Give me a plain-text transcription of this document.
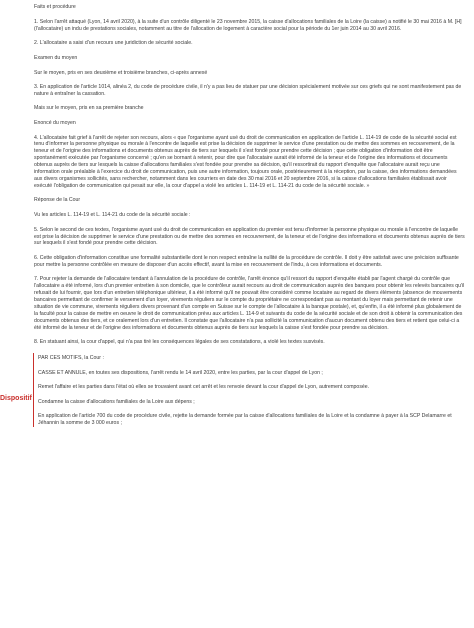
Faits et procédure

1. Selon l'arrêt attaqué (Lyon, 14 avril 2020), à la suite d'un contrôle diligenté le 23 novembre 2015, la caisse d'allocations familiales de la Loire (la caisse) a notifié le 30 mai 2016 à M. [H] (l'allocataire) un indu de prestations sociales, notamment au titre de l'allocation de logement à caractère social pour la période du 1er juin 2014 au 30 avril 2016.

2. L'allocataire a saisi d'un recours une juridiction de sécurité sociale.

Examen du moyen

Sur le moyen, pris en ses deuxième et troisième branches, ci-après annexé

3. En application de l'article 1014, alinéa 2, du code de procédure civile, il n'y a pas lieu de statuer par une décision spécialement motivée sur ces griefs qui ne sont manifestement pas de nature à entraîner la cassation.

Mais sur le moyen, pris en sa première branche

Enoncé du moyen

4. L'allocataire fait grief à l'arrêt de rejeter son recours, alors « que l'organisme ayant usé du droit de communication en application de l'article L. 114-19 de code de la sécurité social est tenu d'informer la personne physique ou morale à l'encontre de laquelle est prise la décision de supprimer le service d'une prestation ou de mettre des sommes en recouvrement, de la teneur et de l'origine des informations et documents obtenus auprès de tiers sur lesquels il s'est fondé pour prendre cette décision ; que cette obligation d'information doit être spontanément exécutée par l'organisme concerné ; qu'en se bornant à retenir, pour dire que l'allocataire aurait été informé de la teneur et de l'origine des informations et documents obtenus auprès de tiers sur lesquels la caisse d'allocations familiales s'est fondée pour prendre sa décision, qu'il ressortirait du rapport d'enquête que l'allocataire aurait reçu une information orale préalable à l'exercice du droit de communication, puis une autre information, toujours orale, postérieurement à la réception, par la caisse, des informations demandées aux divers organismes sollicités, sans rechercher, notamment dans les courriers en date des 30 mai 2016 et 20 septembre 2016, si la caisse d'allocations familiales établissait avoir exécuté l'obligation de communication qui pesait sur elle, la cour d'appel a violé les articles L. 114-19 et L. 114-21 du code de la sécurité sociale. »

Réponse de la Cour

Vu les articles L. 114-19 et L. 114-21 du code de la sécurité sociale :

5. Selon le second de ces textes, l'organisme ayant usé du droit de communication en application du premier est tenu d'informer la personne physique ou morale à l'encontre de laquelle est prise la décision de supprimer le service d'une prestation ou de mettre des sommes en recouvrement, de la teneur et de l'origine des informations et documents obtenus auprès de tiers sur lesquels il s'est fondé pour prendre cette décision.

6. Cette obligation d'information constitue une formalité substantielle dont le non respect entraîne la nullité de la procédure de contrôle. Il doit y être satisfait avec une précision suffisante pour mettre la personne contrôlée en mesure de disposer d'un accès effectif, avant la mise en recouvrement de l'indu, à ces informations et documents.

7. Pour rejeter la demande de l'allocataire tendant à l'annulation de la procédure de contrôle, l'arrêt énonce qu'il ressort du rapport d'enquête établi par l'agent chargé du contrôle que l'allocataire a été informé, lors d'un premier entretien à son domicile, que le contrôleur aurait recours au droit de communication auprès des banques pour obtenir les relevés bancaires qu'il refusait de lui fournir, que lors d'un entretien téléphonique ultérieur, il a été informé qu'il ne pouvait être considéré comme locataire au regard de divers éléments (absence de mouvements bancaires permettant de confirmer le versement d'un loyer, virements réguliers sur le compte du propriétaire ne correspondant pas au montant du loyer mais permettant de retenir une situation de vie commune, virements réguliers divers provenant d'un compte en Suisse sur le compte de l'allocataire à la banque postale), et, qu'enfin, il a été informé plus globalement de la faculté pour la caisse de mettre en oeuvre le droit de communication prévu aux articles L. 114-9 et suivants du code de la sécurité sociale et de son droit à obtenir la communication des documents obtenus des tiers, et ce oralement lors d'un entretien. Il constate que l'allocataire n'a pas sollicité la communication d'aucun document obtenu des tiers et retient que celui-ci a été informé de la teneur et de l'origine des informations et documents obtenus auprès de tiers sur lesquels la caisse s'est fondée pour prendre sa décision.

8. En statuant ainsi, la cour d'appel, qui n'a pas tiré les conséquences légales de ses constatations, a violé les textes susvisés.

Dispositif

PAR CES MOTIFS, la Cour :

CASSE ET ANNULE, en toutes ses dispositions, l'arrêt rendu le 14 avril 2020, entre les parties, par la cour d'appel de Lyon ;

Remet l'affaire et les parties dans l'état où elles se trouvaient avant cet arrêt et les renvoie devant la cour d'appel de Lyon, autrement composée.

Condamne la caisse d'allocations familiales de la Loire aux dépens ;

En application de l'article 700 du code de procédure civile, rejette la demande formée par la caisse d'allocations familiales de la Loire et la condamne à payer à la SCP Delamarre et Jéhannin la somme de 3 000 euros ;
